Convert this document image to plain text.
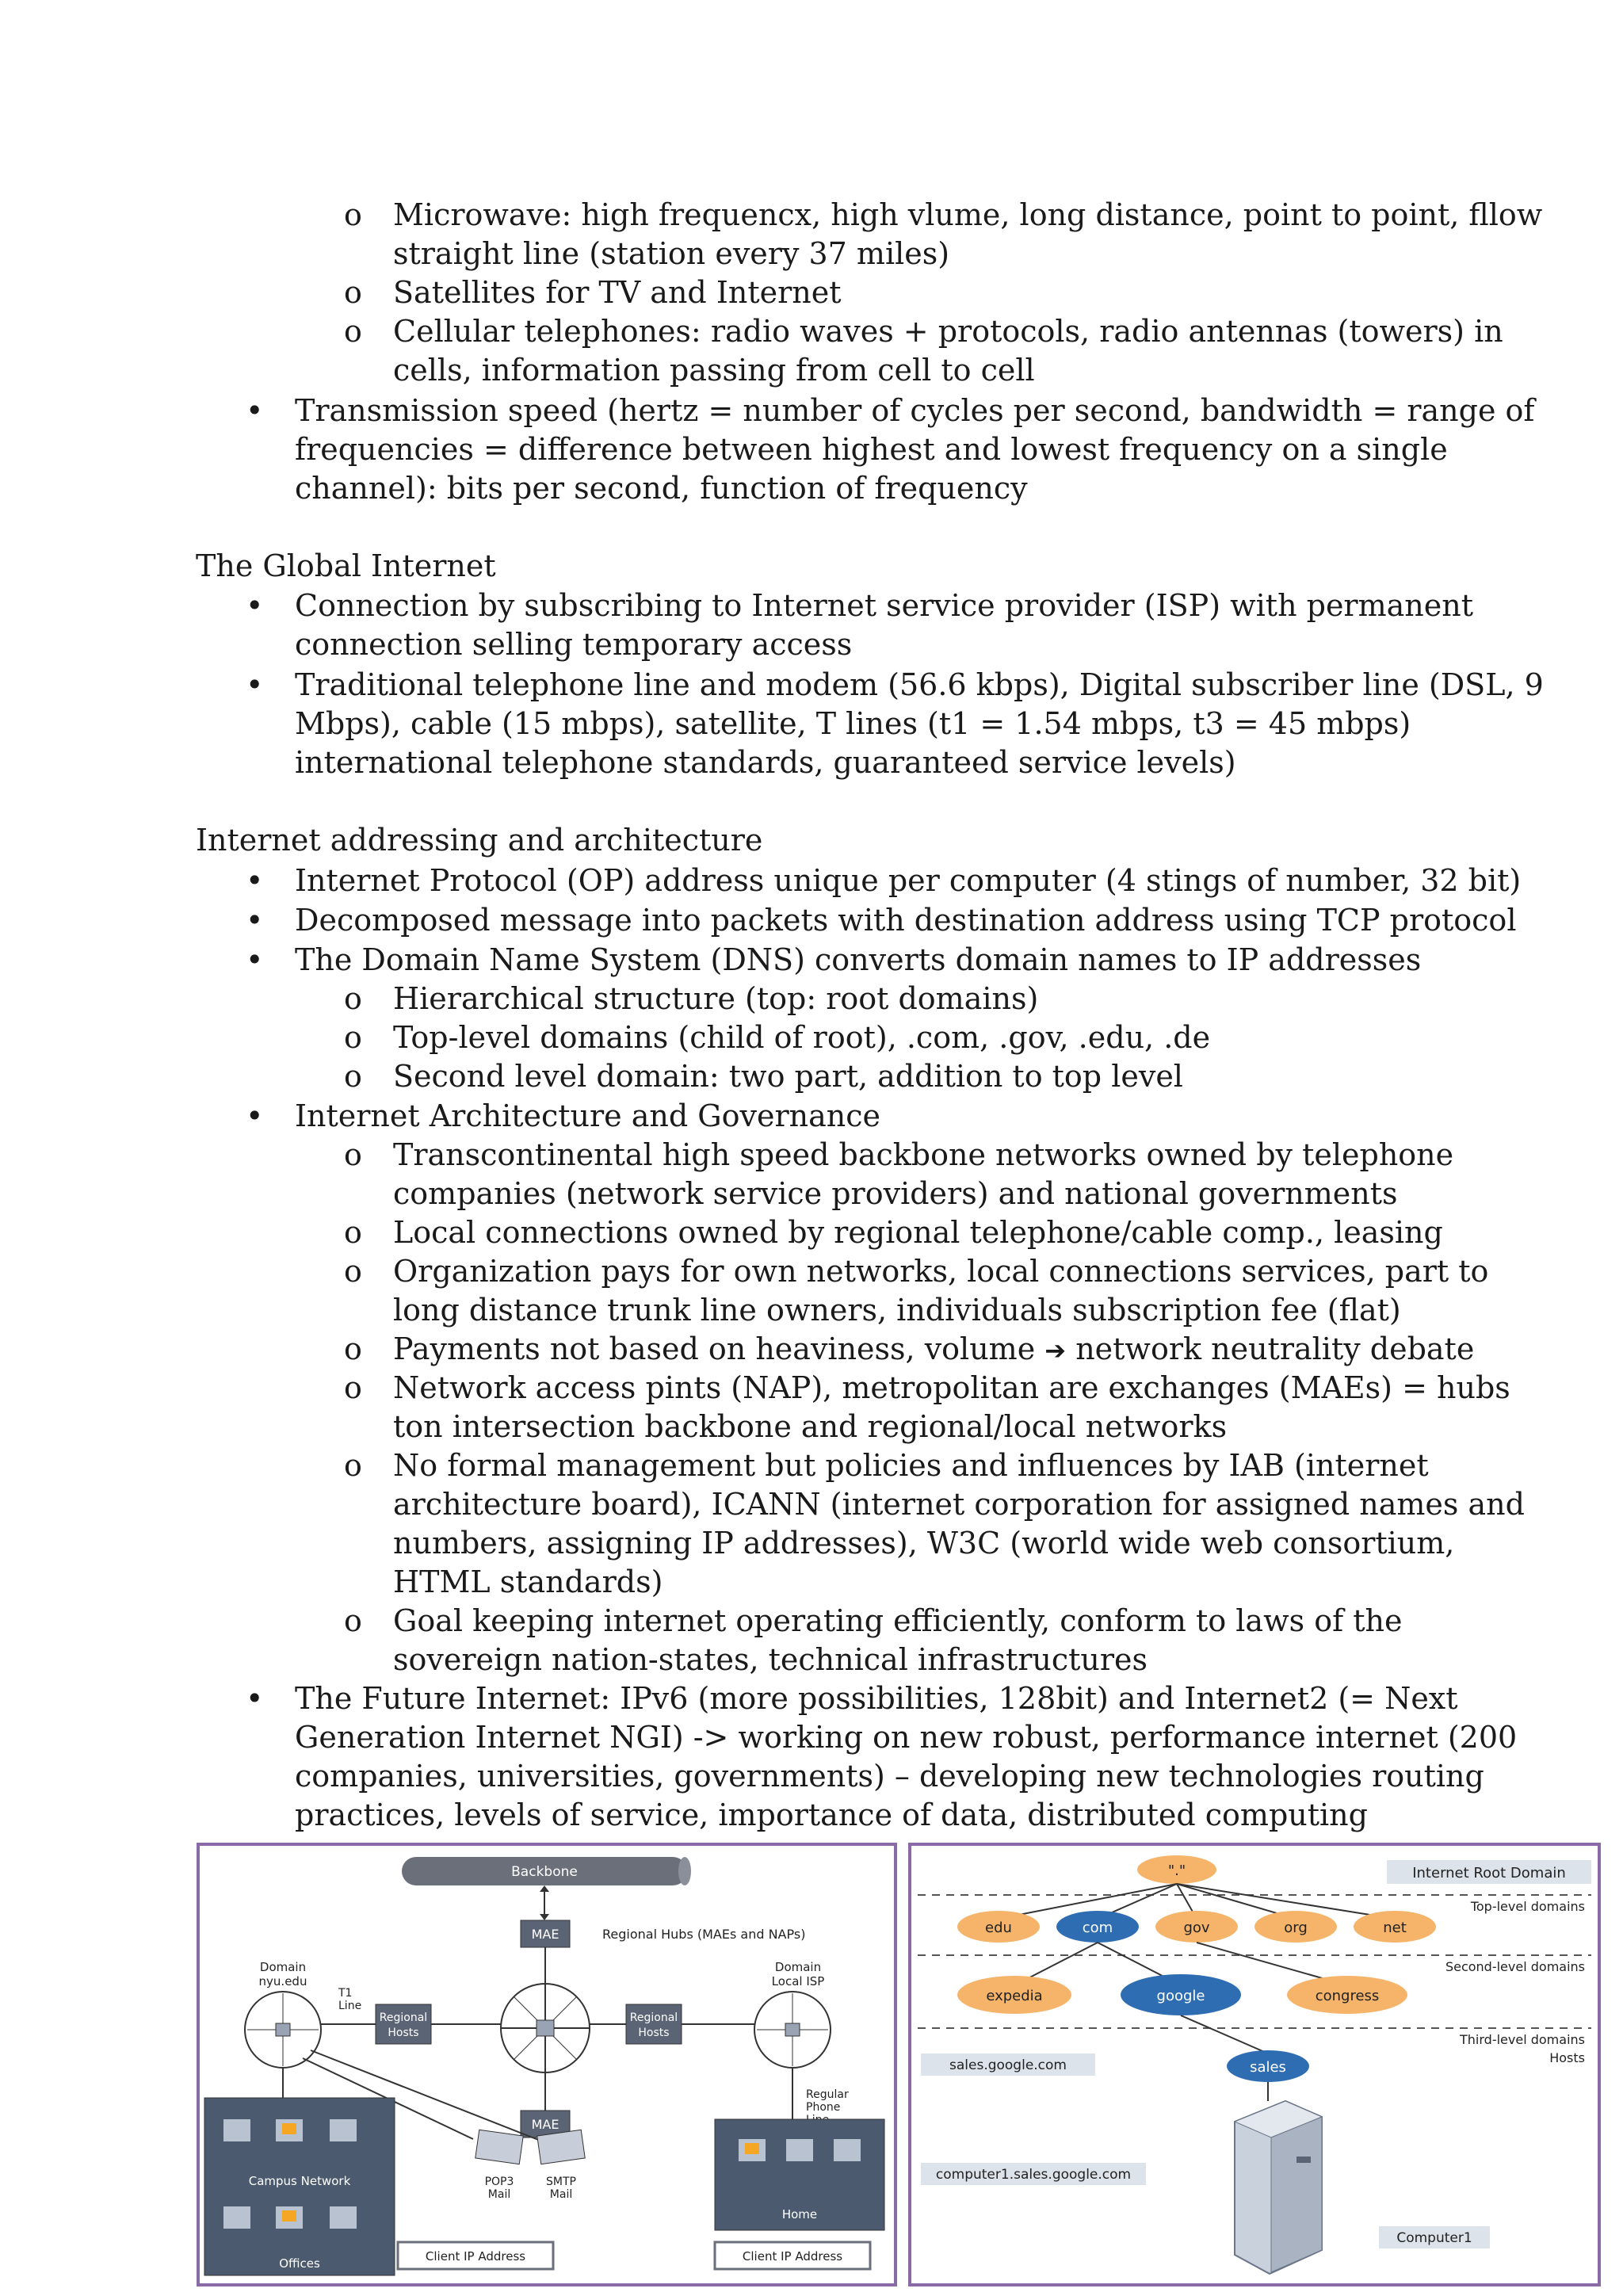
o Microwave: high frequencx, high vlume, long distance, point to point, fllow
straight line (station every 37 miles)
o Satellites for TV and Internet
o Cellular telephones: radio waves + protocols, radio antennas (towers) in
cells, information passing from cell to cell
• Transmission speed (hertz = number of cycles per second, bandwidth = range of
frequencies = difference between highest and lowest frequency on a single
channel): bits per second, function of frequency
The Global Internet
• Connection by subscribing to Internet service provider (ISP) with permanent
connection selling temporary access
• Traditional telephone line and modem (56.6 kbps), Digital subscriber line (DSL, 9
Mbps), cable (15 mbps), satellite, T lines (t1 = 1.54 mbps, t3 = 45 mbps)
international telephone standards, guaranteed service levels)
Internet addressing and architecture
• Internet Protocol (OP) address unique per computer (4 stings of number, 32 bit)
• Decomposed message into packets with destination address using TCP protocol
• The Domain Name System (DNS) converts domain names to IP addresses
o Hierarchical structure (top: root domains)
o Top-level domains (child of root), .com, .gov, .edu, .de
o Second level domain: two part, addition to top level
• Internet Architecture and Governance
o Transcontinental high speed backbone networks owned by telephone
companies (network service providers) and national governments
o Local connections owned by regional telephone/cable comp., leasing
o Organization pays for own networks, local connections services, part to
long distance trunk line owners, individuals subscription fee (flat)
o Payments not based on heaviness, volume ➔ network neutrality debate
o Network access pints (NAP), metropolitan are exchanges (MAEs) = hubs
ton intersection backbone and regional/local networks
o No formal management but policies and influences by IAB (internet
architecture board), ICANN (internet corporation for assigned names and
numbers, assigning IP addresses), W3C (world wide web consortium,
HTML standards)
o Goal keeping internet operating efficiently, conform to laws of the
sovereign nation-states, technical infrastructures
• The Future Internet: IPv6 (more possibilities, 128bit) and Internet2 (= Next
Generation Internet NGI) -> working on new robust, performance internet (200
companies, universities, governments) – developing new technologies routing
practices, levels of service, importance of data, distributed computing
Backbone
MAE	Regional Hubs (MAEs and NAPs)
MAE
Regional
Hosts
Regional
Hosts
Domain
nyu.edu
T1
Line
Domain
Local ISP
Regular
Phone
Campus Network
Offices
POP3
Mail
SMTP
Mail
Client IP Address
Home
Client IP Address
Internet Root Domain
"."
Top-level domains
edu	com	gov	org	net
Second-level domains
expedia	google	congress
Third-level domains
Hosts
sales.google.com	sales
computer1.sales.google.com
Computer1
